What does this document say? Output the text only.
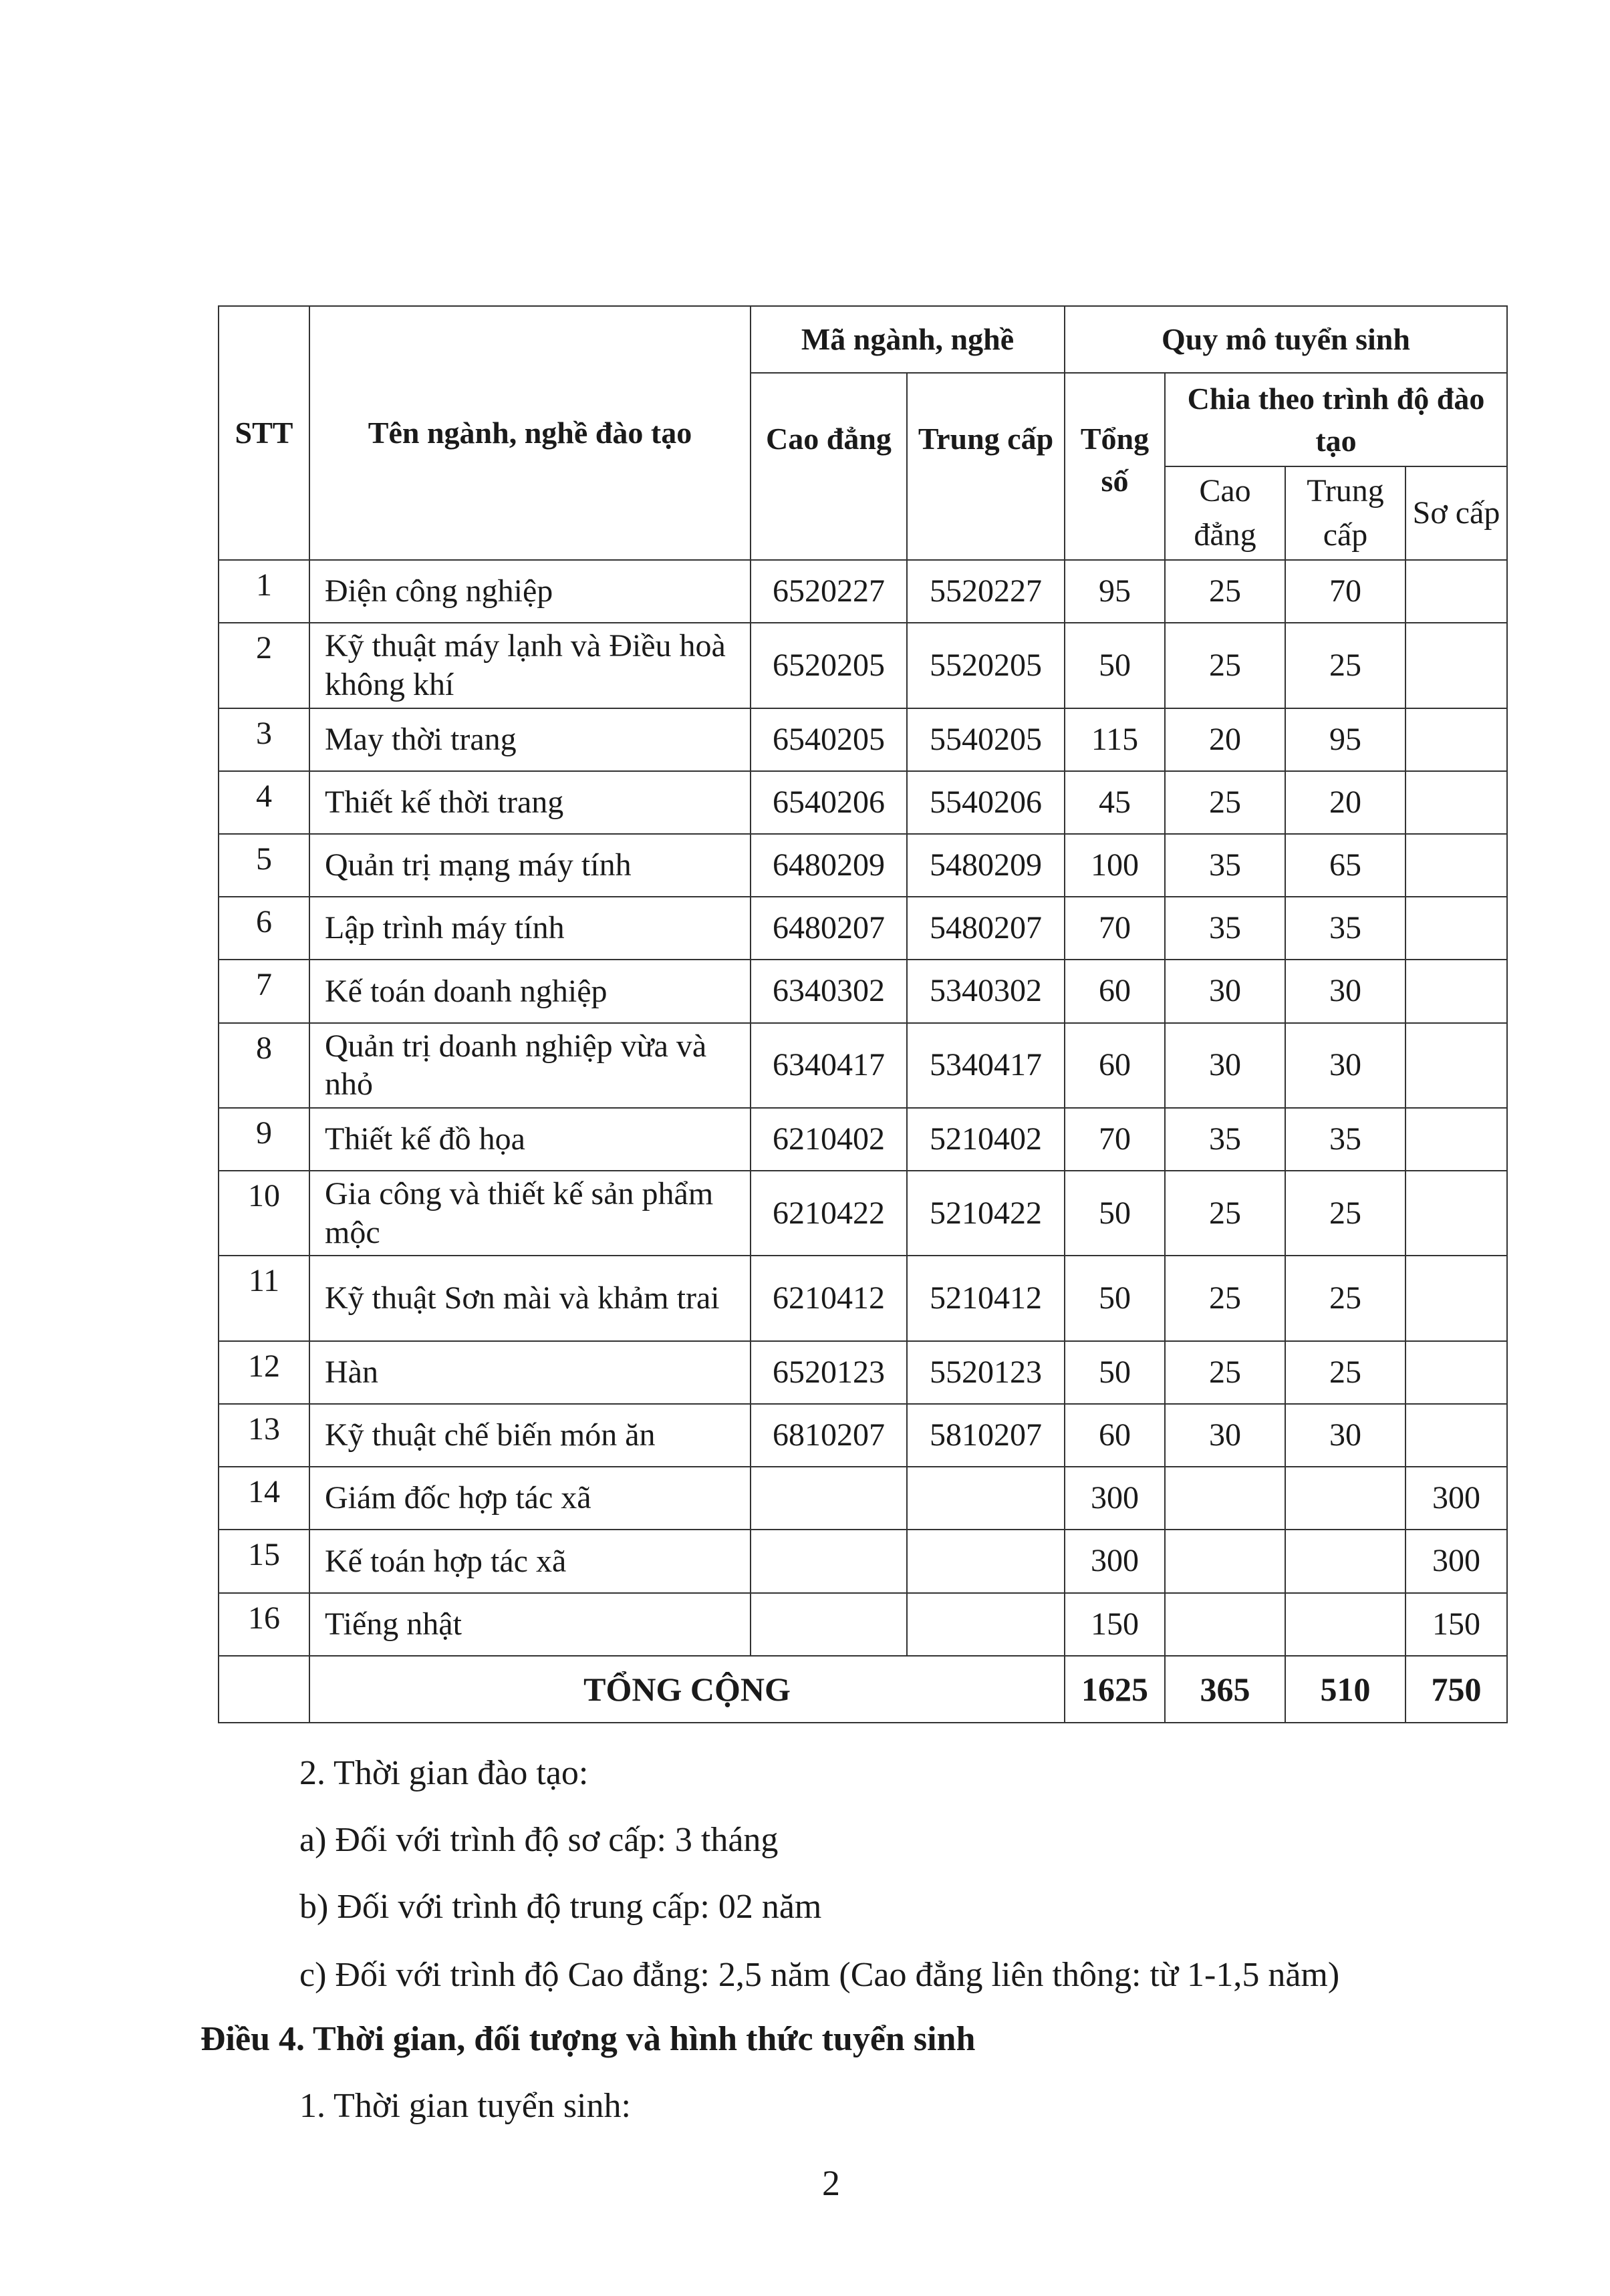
STT	Tên ngành, nghề đào tạo	Mã ngành, nghề		Quy mô tuyển sinh			
		Cao đẳng	Trung cấp	Tổng số	Chia theo trình độ đào tạo		
					Cao đẳng	Trung cấp	Sơ cấp
1	Điện công nghiệp	6520227	5520227	95	25	70	
2	Kỹ thuật máy lạnh và Điều hoà không khí	6520205	5520205	50	25	25	
3	May thời trang	6540205	5540205	115	20	95	
4	Thiết kế thời trang	6540206	5540206	45	25	20	
5	Quản trị mạng máy tính	6480209	5480209	100	35	65	
6	Lập trình máy tính	6480207	5480207	70	35	35	
7	Kế toán doanh nghiệp	6340302	5340302	60	30	30	
8	Quản trị doanh nghiệp vừa và nhỏ	6340417	5340417	60	30	30	
9	Thiết kế đồ họa	6210402	5210402	70	35	35	
10	Gia công và thiết kế sản phẩm mộc	6210422	5210422	50	25	25	
11	Kỹ thuật Sơn mài và khảm trai	6210412	5210412	50	25	25	
12	Hàn	6520123	5520123	50	25	25	
13	Kỹ thuật chế biến món ăn	6810207	5810207	60	30	30	
14	Giám đốc hợp tác xã			300			300
15	Kế toán hợp tác xã			300			300
16	Tiếng nhật			150			150
	TỔNG CỘNG			1625	365	510	750
2. Thời gian đào tạo:
a) Đối với trình độ sơ cấp: 3 tháng
b) Đối với trình độ trung cấp: 02 năm
c) Đối với trình độ Cao đẳng: 2,5 năm (Cao đẳng liên thông: từ 1-1,5 năm)
Điều 4. Thời gian, đối tượng và hình thức tuyển sinh
1. Thời gian tuyển sinh:
2
